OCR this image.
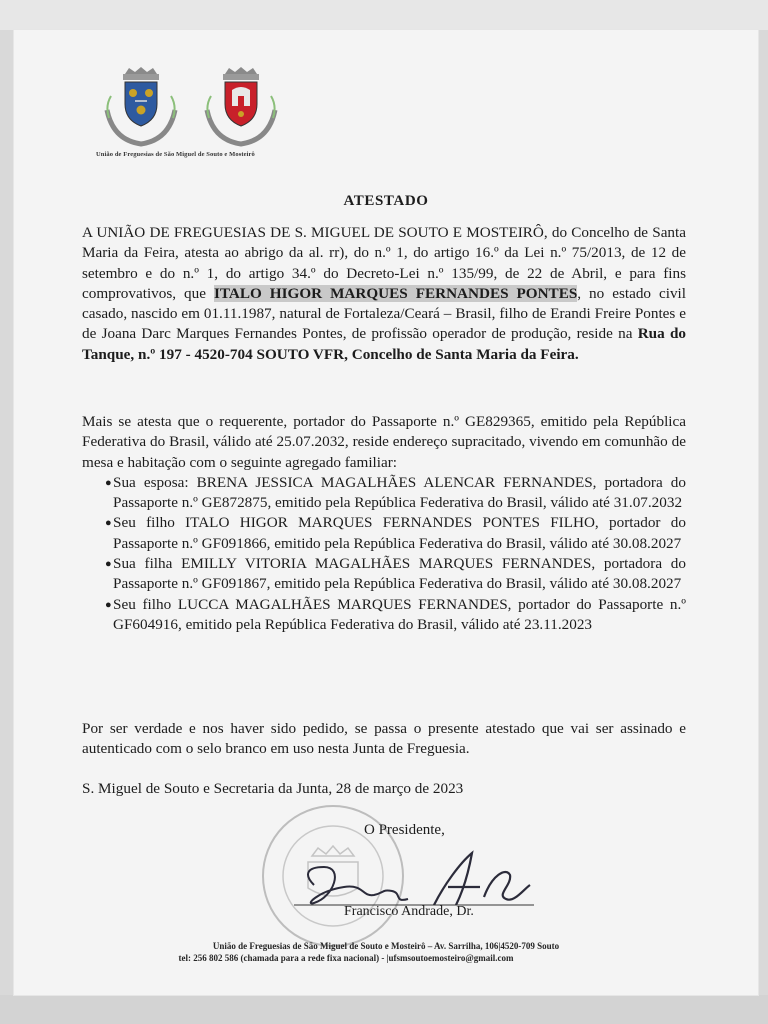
União de Freguesias de São Miguel de Souto e Mosteirô
ATESTADO
A UNIÃO DE FREGUESIAS DE S. MIGUEL DE SOUTO E MOSTEIRÔ, do Concelho de Santa Maria da Feira, atesta ao abrigo da al. rr), do n.º 1, do artigo 16.º da Lei n.º 75/2013, de 12 de setembro e do n.º 1, do artigo 34.º do Decreto-Lei n.º 135/99, de 22 de Abril, e para fins comprovativos, que ITALO HIGOR MARQUES FERNANDES PONTES, no estado civil casado, nascido em 01.11.1987, natural de Fortaleza/Ceará – Brasil, filho de Erandi Freire Pontes e de Joana Darc Marques Fernandes Pontes, de profissão operador de produção, reside na Rua do Tanque, n.º 197 - 4520-704 SOUTO VFR, Concelho de Santa Maria da Feira.
Mais se atesta que o requerente, portador do Passaporte n.º GE829365, emitido pela República Federativa do Brasil, válido até 25.07.2032, reside endereço supracitado, vivendo em comunhão de mesa e habitação com o seguinte agregado familiar:
● Sua esposa: BRENA JESSICA MAGALHÃES ALENCAR FERNANDES, portadora do Passaporte n.º GE872875, emitido pela República Federativa do Brasil, válido até 31.07.2032
● Seu filho ITALO HIGOR MARQUES FERNANDES PONTES FILHO, portador do Passaporte n.º GF091866, emitido pela República Federativa do Brasil, válido até 30.08.2027
● Sua filha EMILLY VITORIA MAGALHÃES MARQUES FERNANDES, portadora do Passaporte n.º GF091867, emitido pela República Federativa do Brasil, válido até 30.08.2027
● Seu filho LUCCA MAGALHÃES MARQUES FERNANDES, portador do Passaporte n.º GF604916, emitido pela República Federativa do Brasil, válido até 23.11.2023
Por ser verdade e nos haver sido pedido, se passa o presente atestado que vai ser assinado e autenticado com o selo branco em uso nesta Junta de Freguesia.
S. Miguel de Souto e Secretaria da Junta, 28 de março de 2023
O Presidente,
Francisco Andrade, Dr.
União de Freguesias de São Miguel de Souto e Mosteirô – Av. Sarrilha, 106|4520-709 Souto
tel: 256 802 586 (chamada para a rede fixa nacional) - |ufsmsoutoemosteiro@gmail.com
